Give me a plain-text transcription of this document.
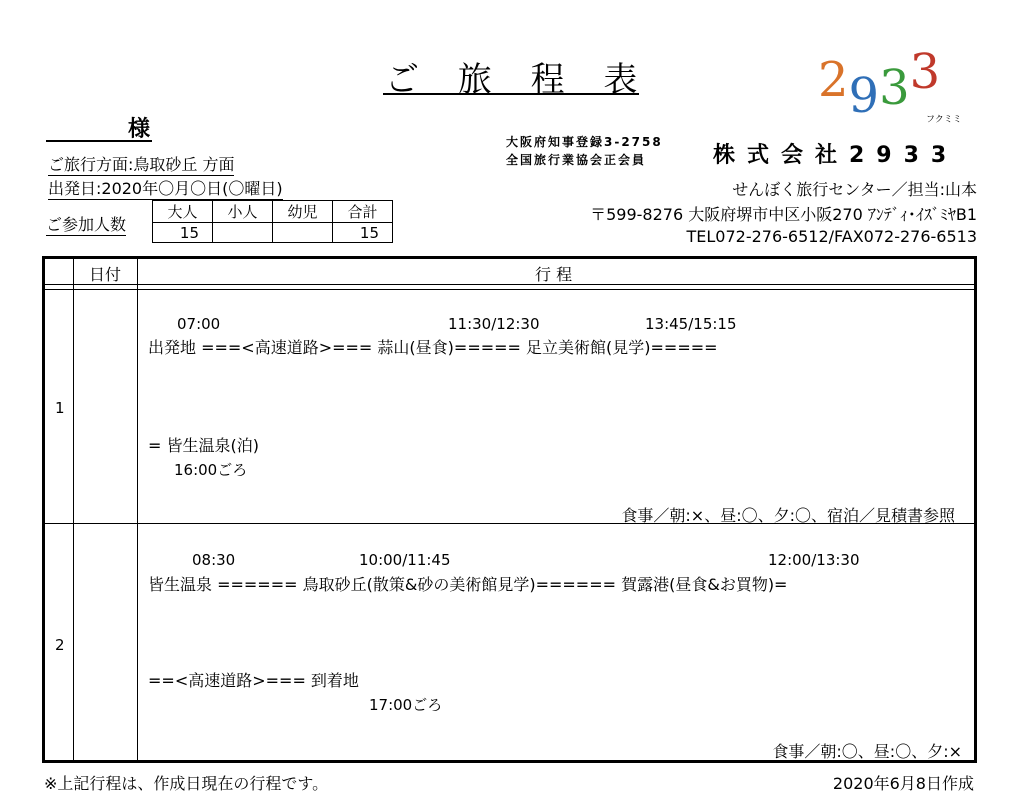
ご 旅 程 表
様
ご旅行方面:鳥取砂丘 方面
出発日:2020年〇月〇日(〇曜日)
ご参加人数
大人	小人	幼児	合計
15			15
2933
フクミミ
大阪府知事登録3-2758
全国旅行業協会正会員	株式会社2933
せんぼく旅行センター／担当:山本
〒599-8276 大阪府堺市中区小阪270 ｱﾝﾃﾞｨ･ｲｽﾞﾐﾔB1
TEL072-276-6512/FAX072-276-6513
日付	行 程
1
07:00	11:30/12:30	13:45/15:15
出発地 ===<高速道路>=== 蒜山(昼食)===== 足立美術館(見学)=====
= 皆生温泉(泊)
16:00ごろ
食事／朝:×、昼:〇、夕:〇、宿泊／見積書参照
2
08:30	10:00/11:45	12:00/13:30
皆生温泉 ====== 鳥取砂丘(散策&砂の美術館見学)====== 賀露港(昼食&お買物)=
==<高速道路>=== 到着地
17:00ごろ
食事／朝:〇、昼:〇、夕:×
※上記行程は、作成日現在の行程です。	2020年6月8日作成
